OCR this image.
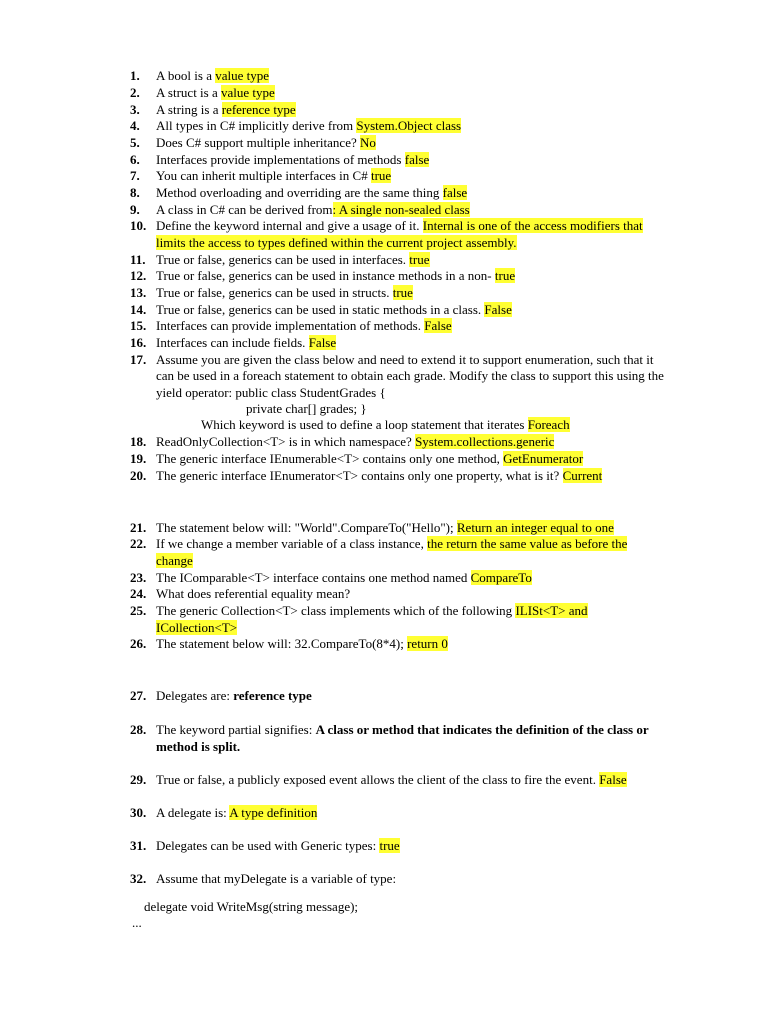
1. A bool is a value type
2. A struct is a value type
3. A string is a reference type
4. All types in C# implicitly derive from System.Object class
5. Does C# support multiple inheritance? No
6. Interfaces provide implementations of methods false
7. You can inherit multiple interfaces in C# true
8. Method overloading and overriding are the same thing false
9. A class in C# can be derived from: A single non-sealed class
10. Define the keyword internal and give a usage of it. Internal is one of the access modifiers that
limits the access to types defined within the current project assembly.
11. True or false, generics can be used in interfaces. true
12. True or false, generics can be used in instance methods in a non- true
13. True or false, generics can be used in structs. true
14. True or false, generics can be used in static methods in a class. False
15. Interfaces can provide implementation of methods. False
16. Interfaces can include fields. False
17. Assume you are given the class below and need to extend it to support enumeration, such that it
can be used in a foreach statement to obtain each grade. Modify the class to support this using the
yield operator: public class StudentGrades {
private char[] grades; }
Which keyword is used to define a loop statement that iterates Foreach
18. ReadOnlyCollection<T> is in which namespace? System.collections.generic
19. The generic interface IEnumerable<T> contains only one method, GetEnumerator
20. The generic interface IEnumerator<T> contains only one property, what is it? Current
21. The statement below will: "World".CompareTo("Hello"); Return an integer equal to one
22. If we change a member variable of a class instance, the return the same value as before the
change
23. The IComparable<T> interface contains one method named CompareTo
24. What does referential equality mean?
25. The generic Collection<T> class implements which of the following ILISt<T> and
ICollection<T>
26. The statement below will: 32.CompareTo(8*4); return 0
27. Delegates are: reference type
28. The keyword partial signifies: A class or method that indicates the definition of the class or
method is split.
29. True or false, a publicly exposed event allows the client of the class to fire the event. False
30. A delegate is: A type definition
31. Delegates can be used with Generic types: true
32. Assume that myDelegate is a variable of type:
delegate void WriteMsg(string message);
...
